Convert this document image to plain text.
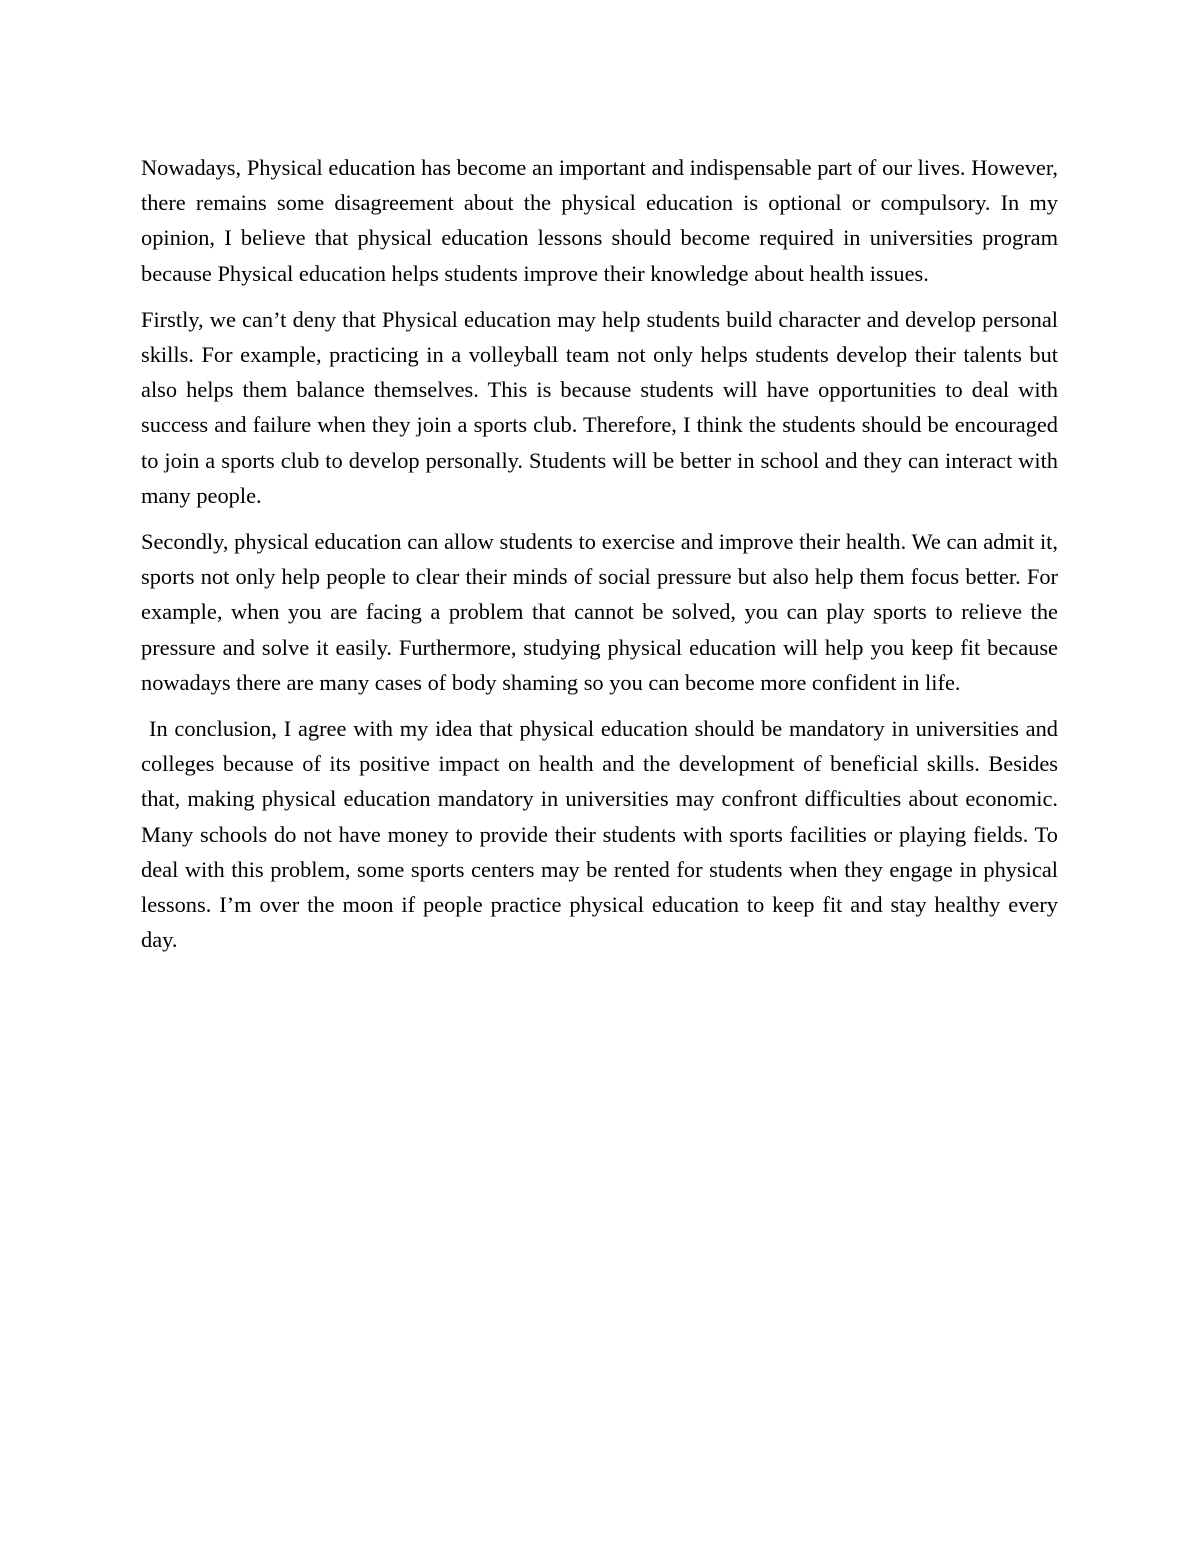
Nowadays, Physical education has become an important and indispensable part of our lives. However, there remains some disagreement about the physical education is optional or compulsory. In my opinion, I believe that physical education lessons should become required in universities program because Physical education helps students improve their knowledge about health issues.

Firstly, we can’t deny that Physical education may help students build character and develop personal skills. For example, practicing in a volleyball team not only helps students develop their talents but also helps them balance themselves. This is because students will have opportunities to deal with success and failure when they join a sports club. Therefore, I think the students should be encouraged to join a sports club to develop personally. Students will be better in school and they can interact with many people.

Secondly, physical education can allow students to exercise and improve their health. We can admit it, sports not only help people to clear their minds of social pressure but also help them focus better. For example, when you are facing a problem that cannot be solved, you can play sports to relieve the pressure and solve it easily. Furthermore, studying physical education will help you keep fit because nowadays there are many cases of body shaming so you can become more confident in life.

In conclusion, I agree with my idea that physical education should be mandatory in universities and colleges because of its positive impact on health and the development of beneficial skills. Besides that, making physical education mandatory in universities may confront difficulties about economic. Many schools do not have money to provide their students with sports facilities or playing fields. To deal with this problem, some sports centers may be rented for students when they engage in physical lessons. I’m over the moon if people practice physical education to keep fit and stay healthy every day.
